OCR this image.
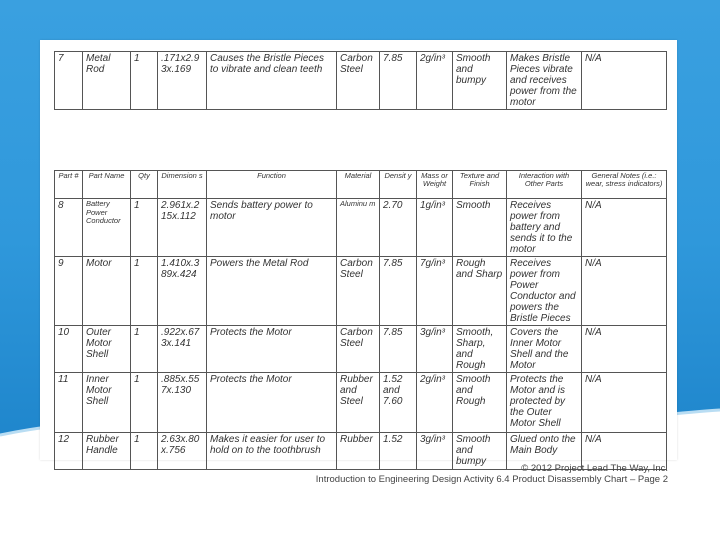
7	Metal Rod	1	.171x2.9 3x.169	Causes the Bristle Pieces to vibrate and clean teeth	Carbon Steel	7.85	2g/in³	Smooth and bumpy	Makes Bristle Pieces vibrate and receives power from the motor	N/A
Part #	Part Name	Qty	Dimension s	Function	Material	Densit y	Mass or Weight	Texture and Finish	Interaction with Other Parts	General Notes (i.e.: wear, stress indicators)
8	Battery Power Conductor	1	2.961x.2 15x.112	Sends battery power to motor	Aluminu m	2.70	1g/in³	Smooth	Receives power from battery and sends it to the motor	N/A
9	Motor	1	1.410x.3 89x.424	Powers the Metal Rod	Carbon Steel	7.85	7g/in³	Rough and Sharp	Receives power from Power Conductor and powers the Bristle Pieces	N/A
10	Outer Motor Shell	1	.922x.67 3x.141	Protects the Motor	Carbon Steel	7.85	3g/in³	Smooth, Sharp, and Rough	Covers the Inner Motor Shell and the Motor	N/A
11	Inner Motor Shell	1	.885x.55 7x.130	Protects the Motor	Rubber and Steel	1.52 and 7.60	2g/in³	Smooth and Rough	Protects the Motor and is protected by the Outer Motor Shell	N/A
12	Rubber Handle	1	2.63x.80 x.756	Makes it easier for user to hold on to the toothbrush	Rubber	1.52	3g/in³	Smooth and bumpy	Glued onto the Main Body	N/A
© 2012 Project Lead The Way, Inc.
Introduction to Engineering Design Activity 6.4 Product Disassembly Chart – Page 2
